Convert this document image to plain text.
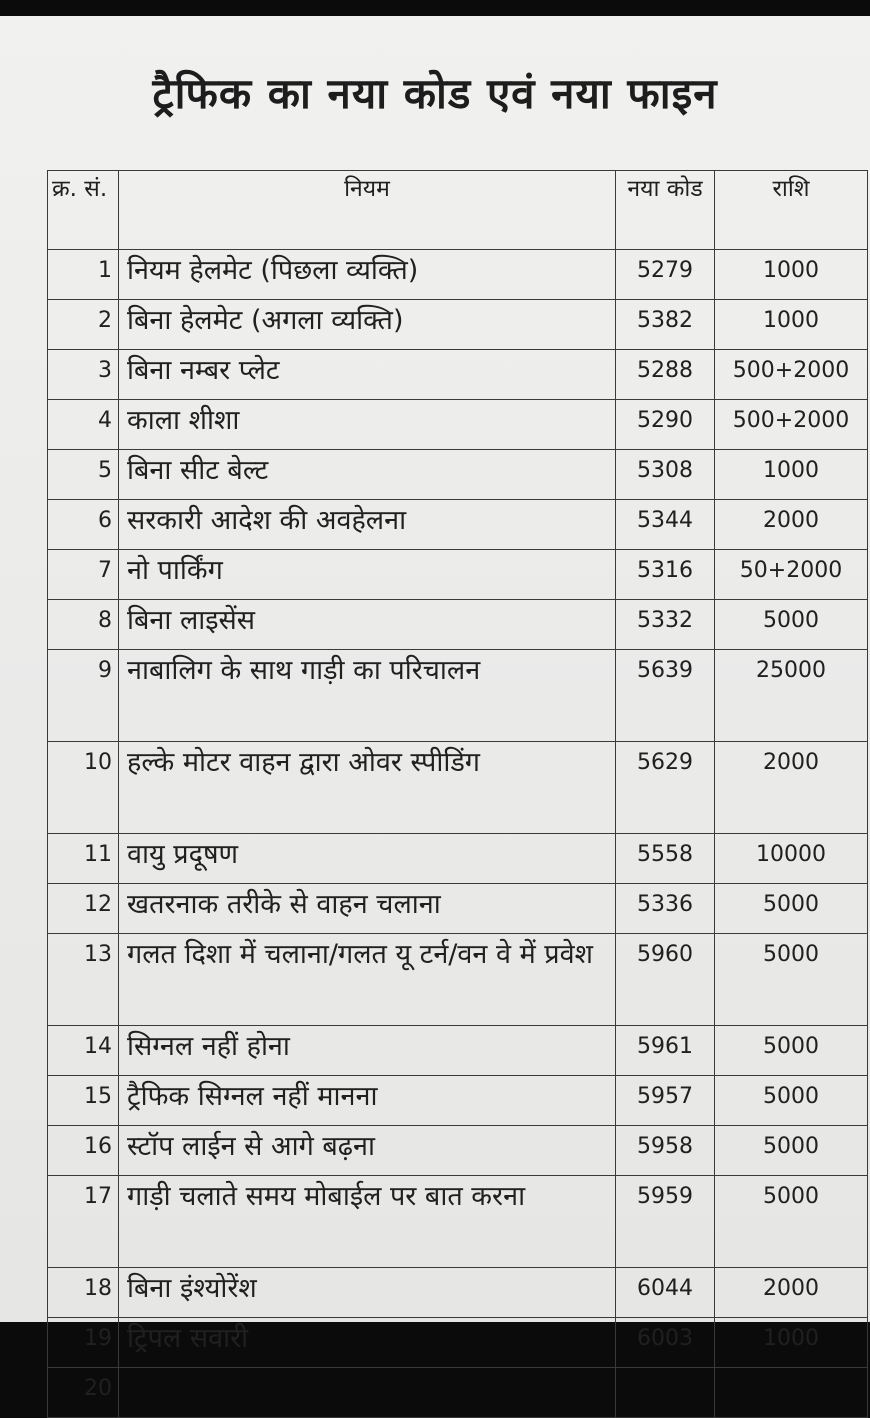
ट्रैफिक का नया कोड एवं नया फाइन
क्र. सं.	नियम	नया कोड	राशि
1	नियम हेलमेट (पिछला व्यक्ति)	5279	1000
2	बिना हेलमेट (अगला व्यक्ति)	5382	1000
3	बिना नम्बर प्लेट	5288	500+2000
4	काला शीशा	5290	500+2000
5	बिना सीट बेल्ट	5308	1000
6	सरकारी आदेश की अवहेलना	5344	2000
7	नो पार्किंग	5316	50+2000
8	बिना लाइसेंस	5332	5000
9	नाबालिग के साथ गाड़ी का परिचालन	5639	25000
10	हल्के मोटर वाहन द्वारा ओवर स्पीडिंग	5629	2000
11	वायु प्रदूषण	5558	10000
12	खतरनाक तरीके से वाहन चलाना	5336	5000
13	गलत दिशा में चलाना/गलत यू टर्न/वन वे में प्रवेश	5960	5000
14	सिग्नल नहीं होना	5961	5000
15	ट्रैफिक सिग्नल नहीं मानना	5957	5000
16	स्टॉप लाईन से आगे बढ़ना	5958	5000
17	गाड़ी चलाते समय मोबाईल पर बात करना	5959	5000
18	बिना इंश्योरेंश	6044	2000
19	ट्रिपल सवारी	6003	1000
20			
